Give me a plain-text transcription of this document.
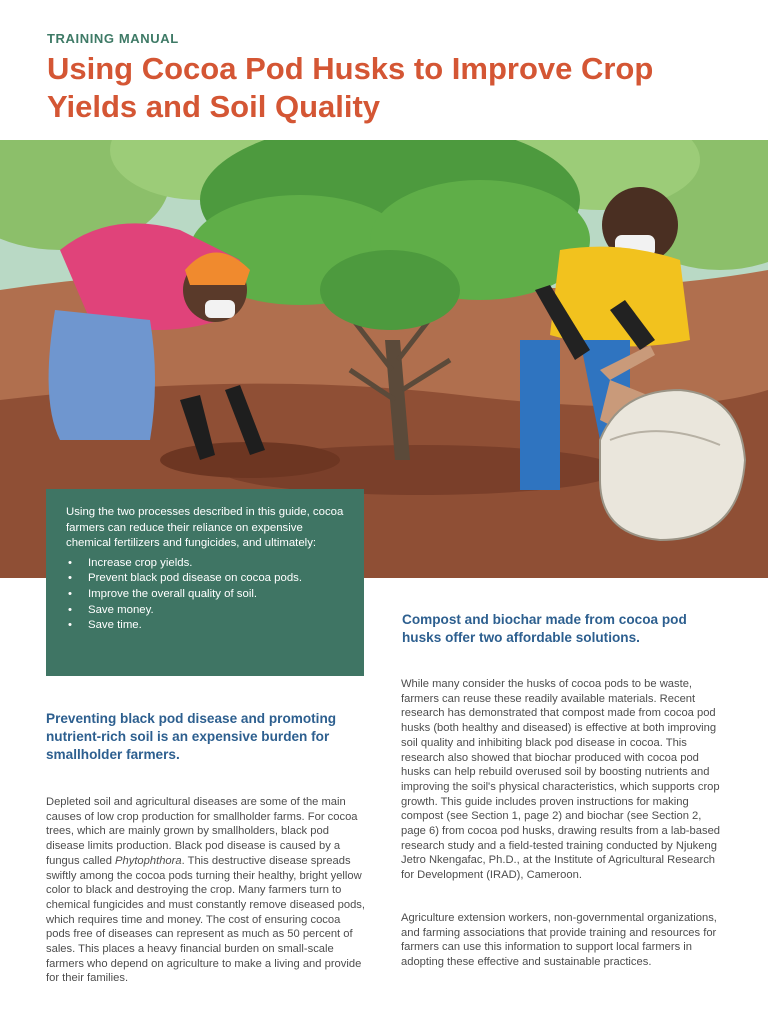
TRAINING MANUAL
Using Cocoa Pod Husks to Improve Crop Yields and Soil Quality

Using the two processes described in this guide, cocoa farmers can reduce their reliance on expensive chemical fertilizers and fungicides, and ultimately:

• Increase crop yields.
• Prevent black pod disease on cocoa pods.
• Improve the overall quality of soil.
• Save money.
• Save time.	Compost and biochar made from cocoa pod husks offer two affordable solutions.
While many consider the husks of cocoa pods to be waste, farmers can reuse these readily available materials. Recent research has demonstrated that compost made from cocoa pod husks (both healthy and diseased) is effective at both improving soil quality and inhibiting black pod disease in cocoa. This research also showed that biochar produced with cocoa pod husks can help rebuild overused soil by boosting nutrients and improving the soil's physical characteristics, which supports crop growth. This guide includes proven instructions for making compost (see Section 1, page 2) and biochar (see Section 2, page 6) from cocoa pod husks, drawing results from a lab-based research study and a field-tested training conducted by Njukeng Jetro Nkengafac, Ph.D., at the Institute of Agricultural Research for Development (IRAD), Cameroon.
Agriculture extension workers, non-governmental organizations, and farming associations that provide training and resources for farmers can use this information to support local farmers in adopting these effective and sustainable practices.
Preventing black pod disease and promoting nutrient-rich soil is an expensive burden for smallholder farmers.
Depleted soil and agricultural diseases are some of the main causes of low crop production for smallholder farms. For cocoa trees, which are mainly grown by smallholders, black pod disease limits production. Black pod disease is caused by a fungus called Phytophthora. This destructive disease spreads swiftly among the cocoa pods turning their healthy, bright yellow color to black and destroying the crop. Many farmers turn to chemical fungicides and must constantly remove diseased pods, which requires time and money. The cost of ensuring cocoa pods free of diseases can represent as much as 50 percent of sales. This places a heavy financial burden on small-scale farmers who depend on agriculture to make a living and provide for their families.
